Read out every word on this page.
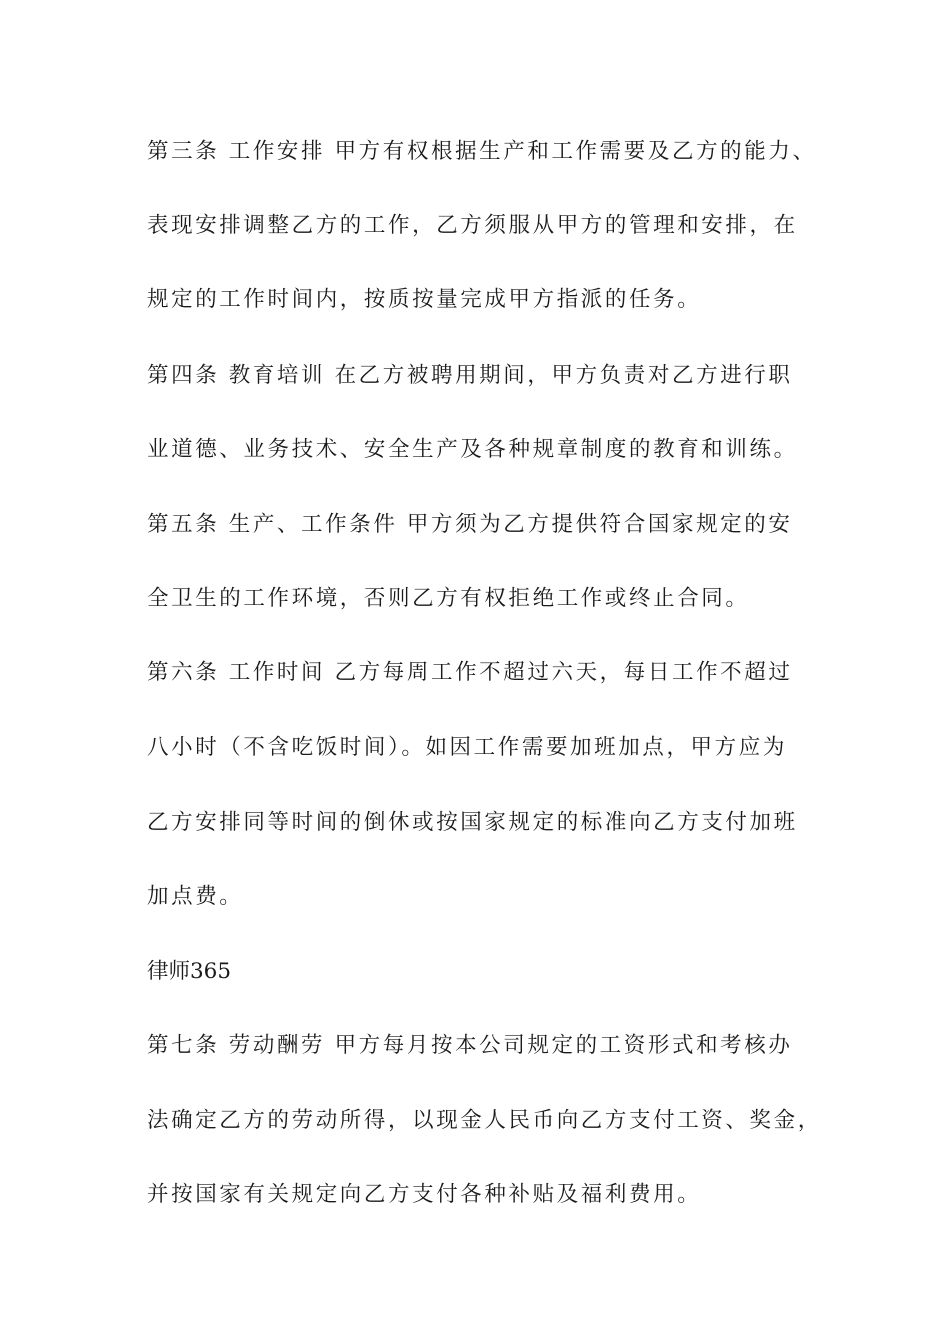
第三条 工作安排 甲方有权根据生产和工作需要及乙方的能力、
表现安排调整乙方的工作，乙方须服从甲方的管理和安排，在
规定的工作时间内，按质按量完成甲方指派的任务。
第四条 教育培训 在乙方被聘用期间，甲方负责对乙方进行职
业道德、业务技术、安全生产及各种规章制度的教育和训练。
第五条 生产、工作条件 甲方须为乙方提供符合国家规定的安
全卫生的工作环境，否则乙方有权拒绝工作或终止合同。
第六条 工作时间 乙方每周工作不超过六天，每日工作不超过
八小时（不含吃饭时间）。如因工作需要加班加点，甲方应为
乙方安排同等时间的倒休或按国家规定的标准向乙方支付加班
加点费。
律师365
第七条 劳动酬劳 甲方每月按本公司规定的工资形式和考核办
法确定乙方的劳动所得，以现金人民币向乙方支付工资、奖金，
并按国家有关规定向乙方支付各种补贴及福利费用。
